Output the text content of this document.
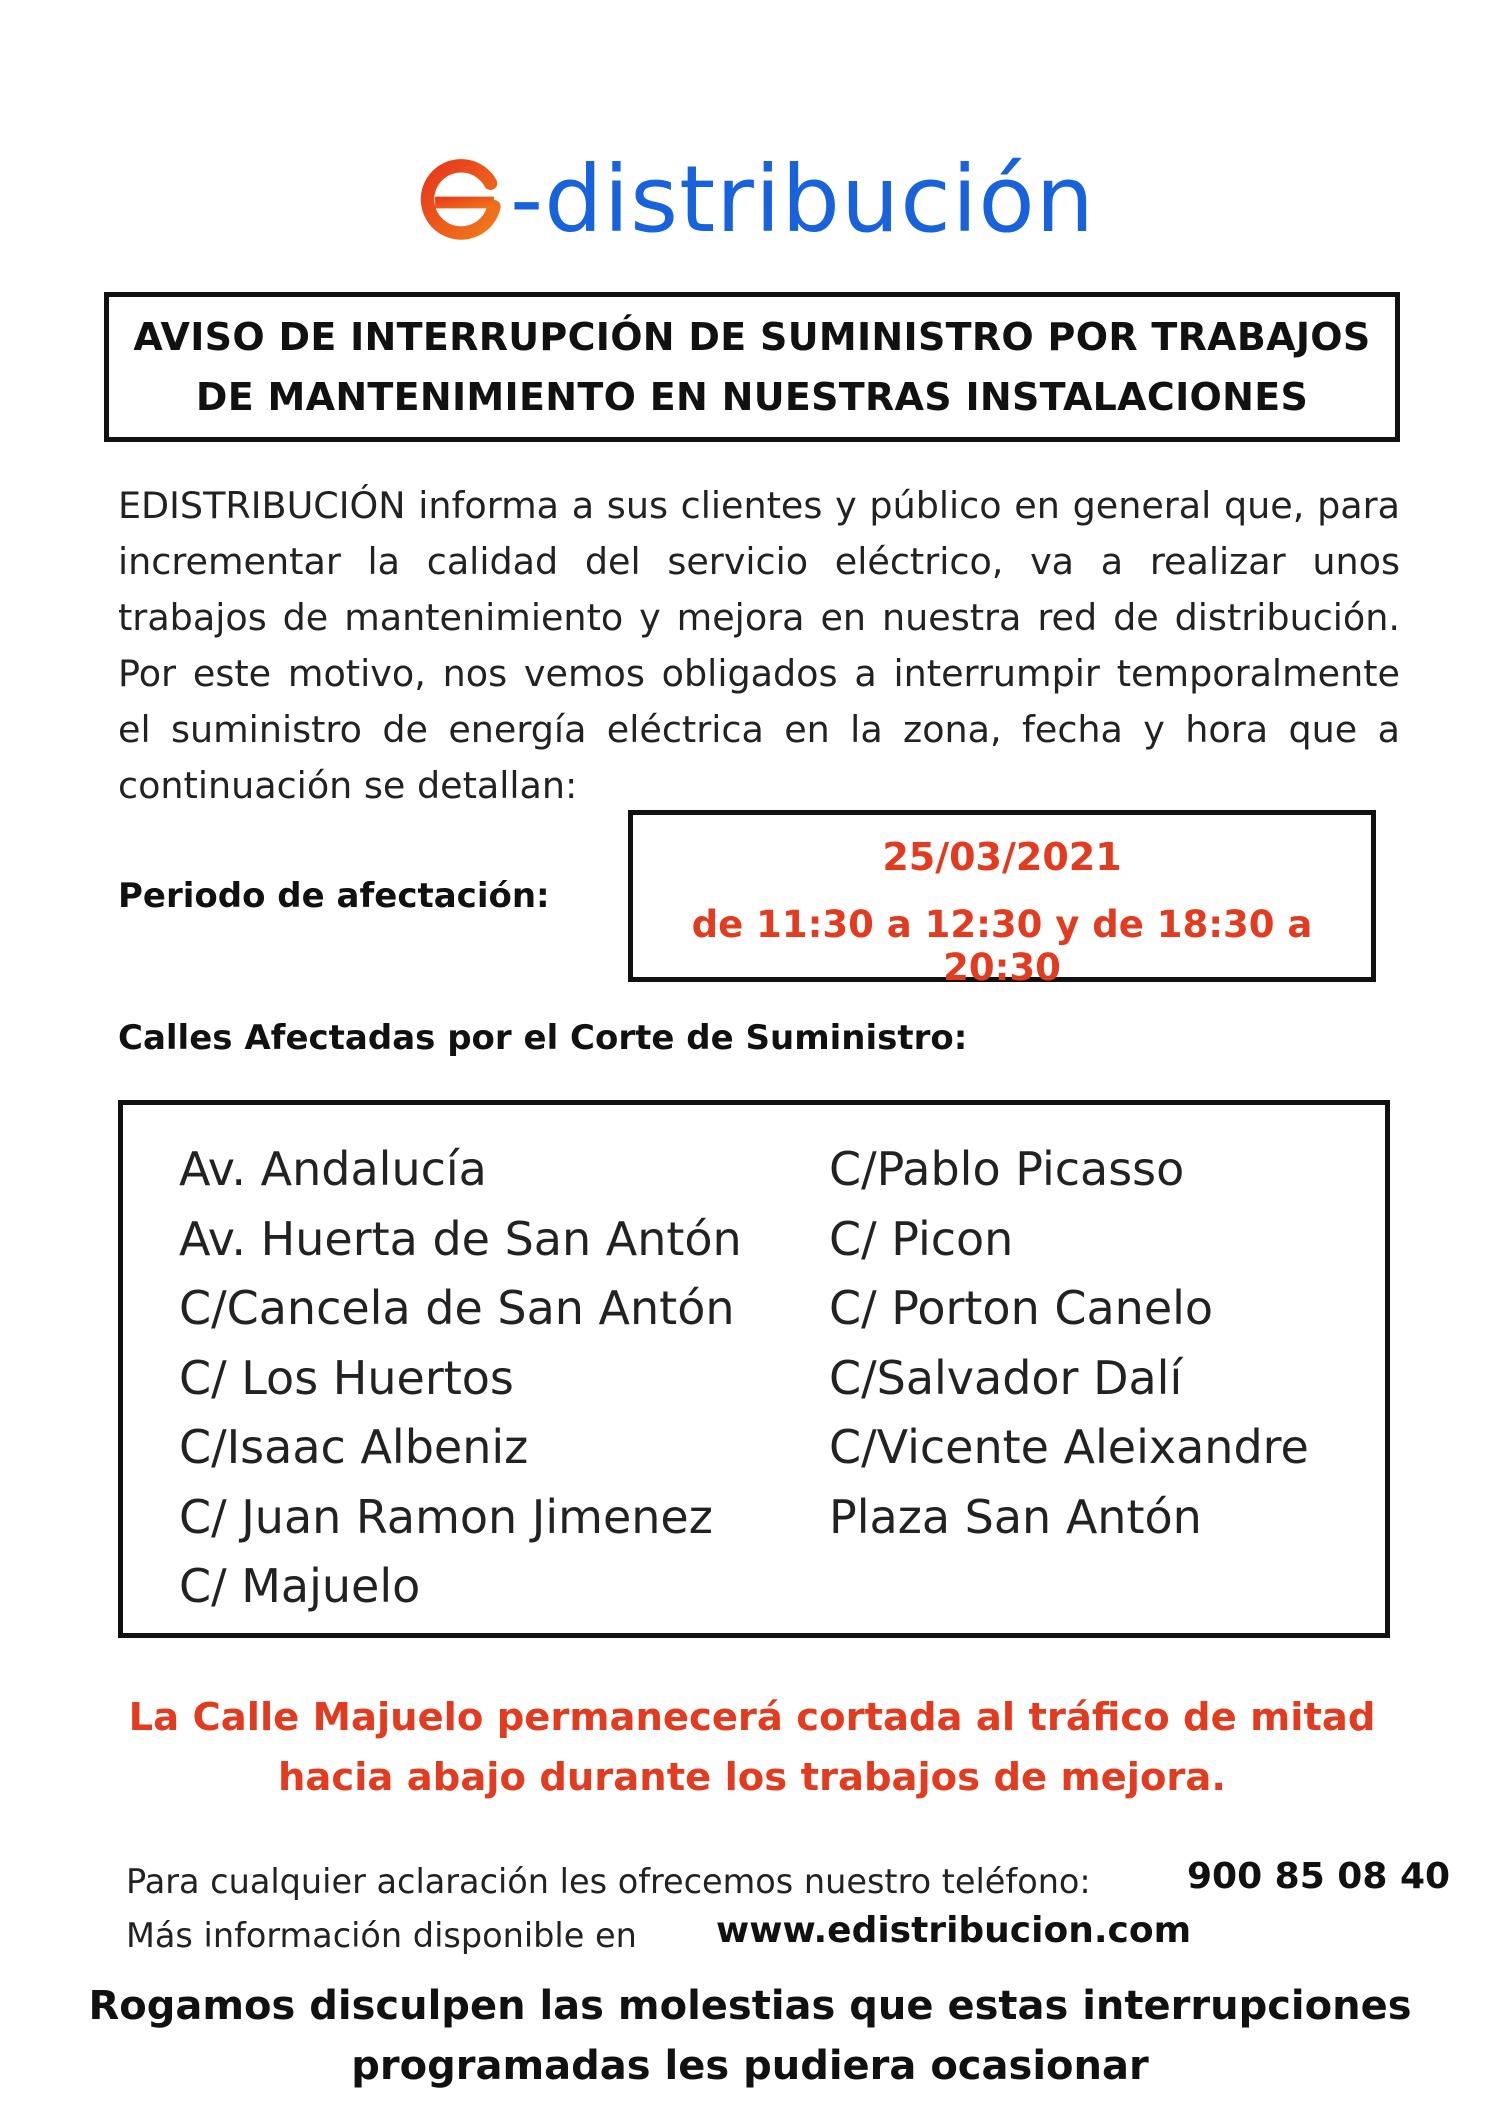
-distribución
AVISO DE INTERRUPCIÓN DE SUMINISTRO POR TRABAJOS
DE MANTENIMIENTO EN NUESTRAS INSTALACIONES
EDISTRIBUCIÓN informa a sus clientes y público en general que, para incrementar la calidad del servicio eléctrico, va a realizar unos trabajos de mantenimiento y mejora en nuestra red de distribución. Por este motivo, nos vemos obligados a interrumpir temporalmente el suministro de energía eléctrica en la zona, fecha y hora que a continuación se detallan:
Periodo de afectación:
25/03/2021
de 11:30 a 12:30 y de 18:30 a 20:30
Calles Afectadas por el Corte de Suministro:
Av. Andalucía
Av. Huerta de San Antón
C/Cancela de San Antón
C/ Los Huertos
C/Isaac Albeniz
C/ Juan Ramon Jimenez
C/ Majuelo
C/Pablo Picasso
C/ Picon
C/ Porton Canelo
C/Salvador Dalí
C/Vicente Aleixandre
Plaza San Antón
La Calle Majuelo permanecerá cortada al tráfico de mitad
hacia abajo durante los trabajos de mejora.
Para cualquier aclaración les ofrecemos nuestro teléfono:	900 85 08 40
Más información disponible en www.edistribucion.com
Rogamos disculpen las molestias que estas interrupciones
programadas les pudiera ocasionar
